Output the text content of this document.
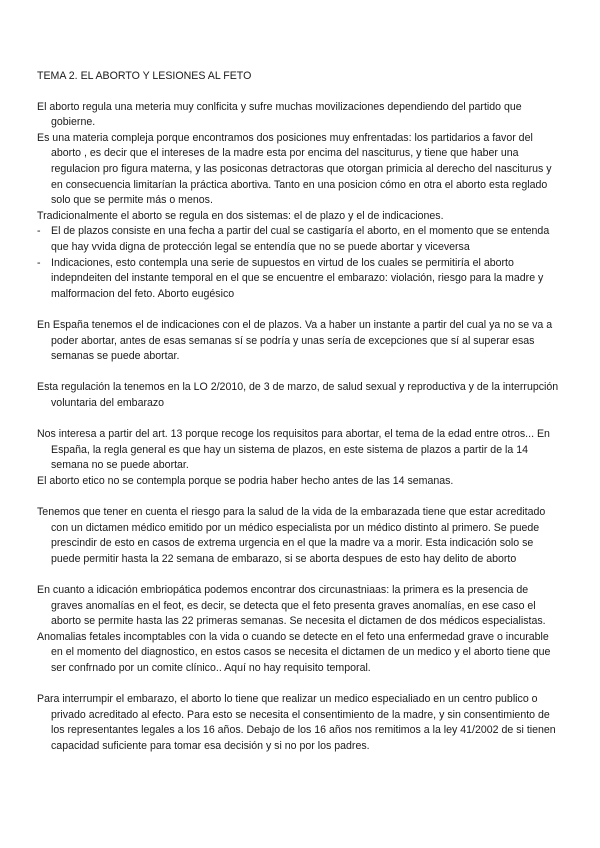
TEMA 2. EL ABORTO Y LESIONES AL FETO

El aborto regula una meteria muy conlficita y sufre muchas movilizaciones dependiendo del partido que gobierne.

Es una materia compleja porque encontramos dos posiciones muy enfrentadas: los partidarios a favor del aborto , es decir que el intereses de la madre esta por encima del nasciturus, y tiene que haber una regulacion pro figura materna, y las posiconas detractoras que otorgan primicia al derecho del nasciturus y en consecuencia limitarían la práctica abortiva. Tanto en una posicion cómo en otra el aborto esta reglado solo que se permite más o menos.

Tradicionalmente el aborto se regula en dos sistemas: el de plazo y el de indicaciones.

- El de plazos consiste en una fecha a partir del cual se castigaría el aborto, en el momento que se entenda que hay vvida digna de protección legal se entendía que no se puede abortar y viceversa
- Indicaciones, esto contempla una serie de supuestos en virtud de los cuales se permitiría el aborto indepndeiten del instante temporal en el que se encuentre el embarazo: violación, riesgo para la madre y malformacion del feto. Aborto eugésico

En España tenemos el de indicaciones con el de plazos. Va a haber un instante a partir del cual ya no se va a poder abortar, antes de esas semanas sí se podría y unas sería de excepciones que sí al superar esas semanas se puede abortar.

Esta regulación la tenemos en la LO 2/2010, de 3 de marzo, de salud sexual y reproductiva y de la interrupción voluntaria del embarazo

Nos interesa a partir del art. 13 porque recoge los requisitos para abortar, el tema de la edad entre otros... En España, la regla general es que hay un sistema de plazos, en este sistema de plazos a partir de la 14 semana no se puede abortar.

El aborto etico no se contempla porque se podria haber hecho antes de las 14 semanas.

Tenemos que tener en cuenta el riesgo para la salud de la vida de la embarazada tiene que estar acreditado con un dictamen médico emitido por un médico especialista por un médico distinto al primero. Se puede prescindir de esto en casos de extrema urgencia en el que la madre va a morir. Esta indicación solo se puede permitir hasta la 22 semana de embarazo, si se aborta despues de esto hay delito de aborto

En cuanto a idicación embriopática podemos encontrar dos circunastniaas: la primera es la presencia de graves anomalías en el feot, es decir, se detecta que el feto presenta graves anomalías, en ese caso el aborto se permite hasta las 22 primeras semanas. Se necesita el dictamen de dos médicos especialistas.

Anomalias fetales incomptables con la vida o cuando se detecte en el feto una enfermedad grave o incurable en el momento del diagnostico, en estos casos se necesita el dictamen de un medico y el aborto tiene que ser confrnado por un comite clínico.. Aquí no hay requisito temporal.

Para interrumpir el embarazo, el aborto lo tiene que realizar un medico especialiado en un centro publico o privado acreditado al efecto. Para esto se necesita el consentimiento de la madre, y sin consentimiento de los representantes legales a los 16 años. Debajo de los 16 años nos remitimos a la ley 41/2002 de si tienen capacidad suficiente para tomar esa decisión y si no por los padres.
